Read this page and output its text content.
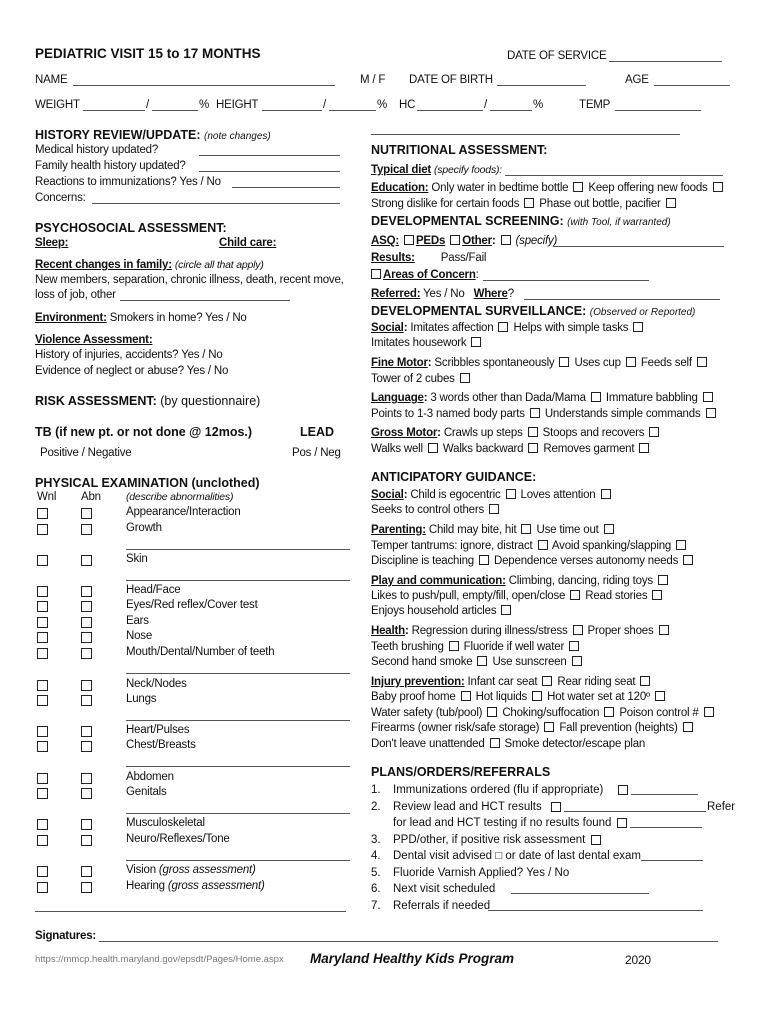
PEDIATRIC VISIT 15 to 17 MONTHS	DATE OF SERVICE
NAME	M / F DATE OF BIRTH	AGE
WEIGHT	/	% HEIGHT	/	% HC	/	%	TEMP
HISTORY REVIEW/UPDATE: (note changes)
Medical history updated?
Family health history updated?
Reactions to immunizations? Yes / No
Concerns:
PSYCHOSOCIAL ASSESSMENT:
Sleep:	Child care:
Recent changes in family: (circle all that apply)
New members, separation, chronic illness, death, recent move,
loss of job, other
Environment: Smokers in home? Yes / No
Violence Assessment:
History of injuries, accidents? Yes / No
Evidence of neglect or abuse? Yes / No
RISK ASSESSMENT: (by questionnaire)
TB (if new pt. or not done @ 12mos.)	LEAD
Positive / Negative	Pos / Neg
PHYSICAL EXAMINATION (unclothed)
Wnl Abn (describe abnormalities)
Appearance/Interaction
Growth
Skin
Head/Face
Eyes/Red reflex/Cover test
Ears
Nose
Mouth/Dental/Number of teeth
Neck/Nodes
Lungs
Heart/Pulses
Chest/Breasts
Abdomen
Genitals
Musculoskeletal
Neuro/Reflexes/Tone
Vision (gross assessment)
Hearing (gross assessment)
NUTRITIONAL ASSESSMENT:
Typical diet (specify foods):
Education: Only water in bedtime bottle Keep offering new foods
Strong dislike for certain foods Phase out bottle, pacifier
DEVELOPMENTAL SCREENING: (with Tool, if warranted)
ASQ: PEDs Other: (specify)
Results: Pass/Fail
Areas of Concern:
Referred: Yes / No Where?
DEVELOPMENTAL SURVEILLANCE: (Observed or Reported)
Social: Imitates affection Helps with simple tasks
Imitates housework
Fine Motor: Scribbles spontaneously Uses cup Feeds self
Tower of 2 cubes
Language: 3 words other than Dada/Mama Immature babbling
Points to 1-3 named body parts Understands simple commands
Gross Motor: Crawls up steps Stoops and recovers
Walks well Walks backward Removes garment
ANTICIPATORY GUIDANCE:
Social: Child is egocentric Loves attention
Seeks to control others
Parenting: Child may bite, hit Use time out
Temper tantrums: ignore, distract Avoid spanking/slapping
Discipline is teaching Dependence verses autonomy needs
Play and communication: Climbing, dancing, riding toys
Likes to push/pull, empty/fill, open/close Read stories
Enjoys household articles
Health: Regression during illness/stress Proper shoes
Teeth brushing Fluoride if well water
Second hand smoke Use sunscreen
Injury prevention: Infant car seat Rear riding seat
Baby proof home Hot liquids Hot water set at 120º
Water safety (tub/pool) Choking/suffocation Poison control #
Firearms (owner risk/safe storage) Fall prevention (heights)
Don't leave unattended Smoke detector/escape plan
PLANS/ORDERS/REFERRALS
1. Immunizations ordered (flu if appropriate)
2. Review lead and HCT results	Refer
for lead and HCT testing if no results found
3. PPD/other, if positive risk assessment
4. Dental visit advised □ or date of last dental exam
5. Fluoride Varnish Applied? Yes / No
6. Next visit scheduled
7. Referrals if needed
Signatures:
https://mmcp.health.maryland.gov/epsdt/Pages/Home.aspx Maryland Healthy Kids Program	2020
